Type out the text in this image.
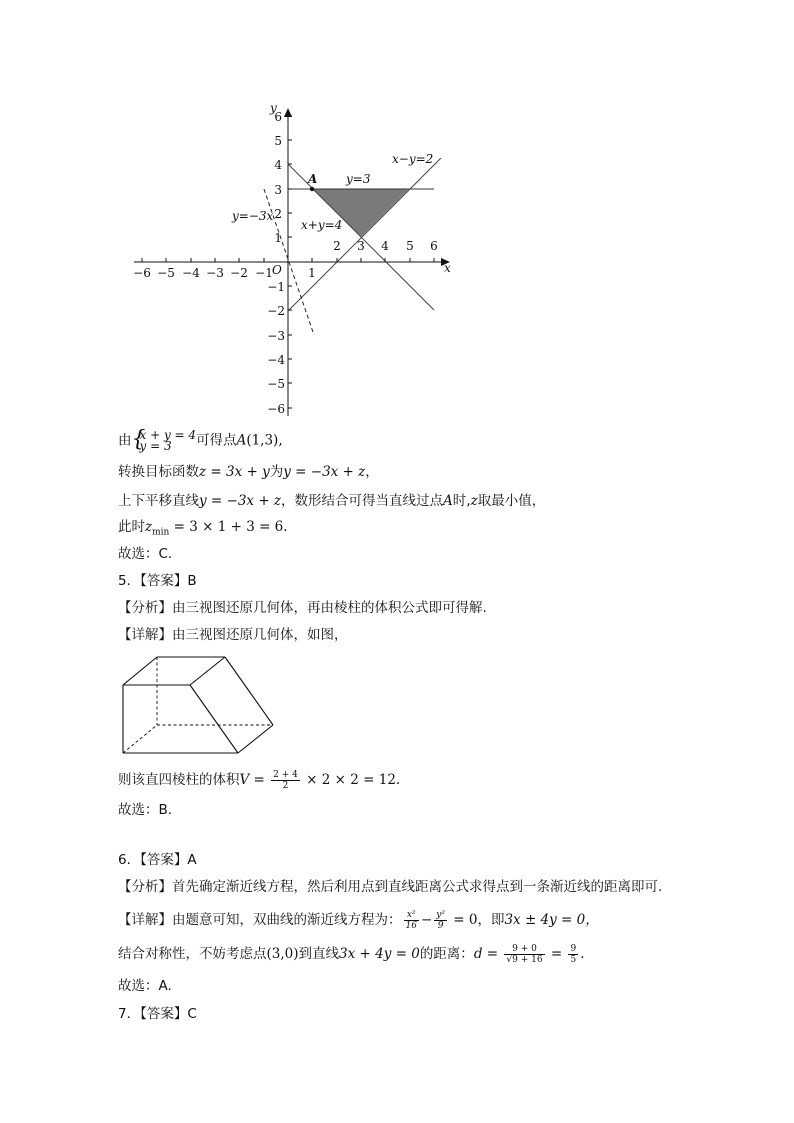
−6 −5 −4 −3 −2 −1	1
2 3 4 5 6
6
5
4
3
2
1
−1
−2
−3
−4
−5
−6
x
y
O
A
x−y=2
y=3
x+y=4
y=−3x
由
{ x + y = 4
y = 3	可得点A(1,3),
转换目标函数z = 3x + y为y = −3x + z，
上下平移直线y = −3x + z，数形结合可得当直线过点A时,z取最小值，
此时$z_{min} = 3 \times 1 + 3 = 6$.
故选：C.
5．【答案】B
【分析】由三视图还原几何体，再由棱柱的体积公式即可得解.
【详解】由三视图还原几何体，如图，
则该直四棱柱的体积$V = \frac{2 + 4}{2} \times 2 \times 2 = 12$.
故选：B.
6．【答案】A
【分析】首先确定渐近线方程，然后利用点到直线距离公式求得点到一条渐近线的距离即可.
【详解】由题意可知，双曲线的渐近线方程为： $\frac{\text{x²}}{16} - \frac{\text{y²}}{9} = 0$，即3x ± 4y = 0，
结合对称性，不妨考虑点(3,0)到直线3x + 4y = 0的距离：$d = \frac{9 + 0}{√9 + 16} = \frac{9}{5}$ .
故选：A.
7．【答案】C
